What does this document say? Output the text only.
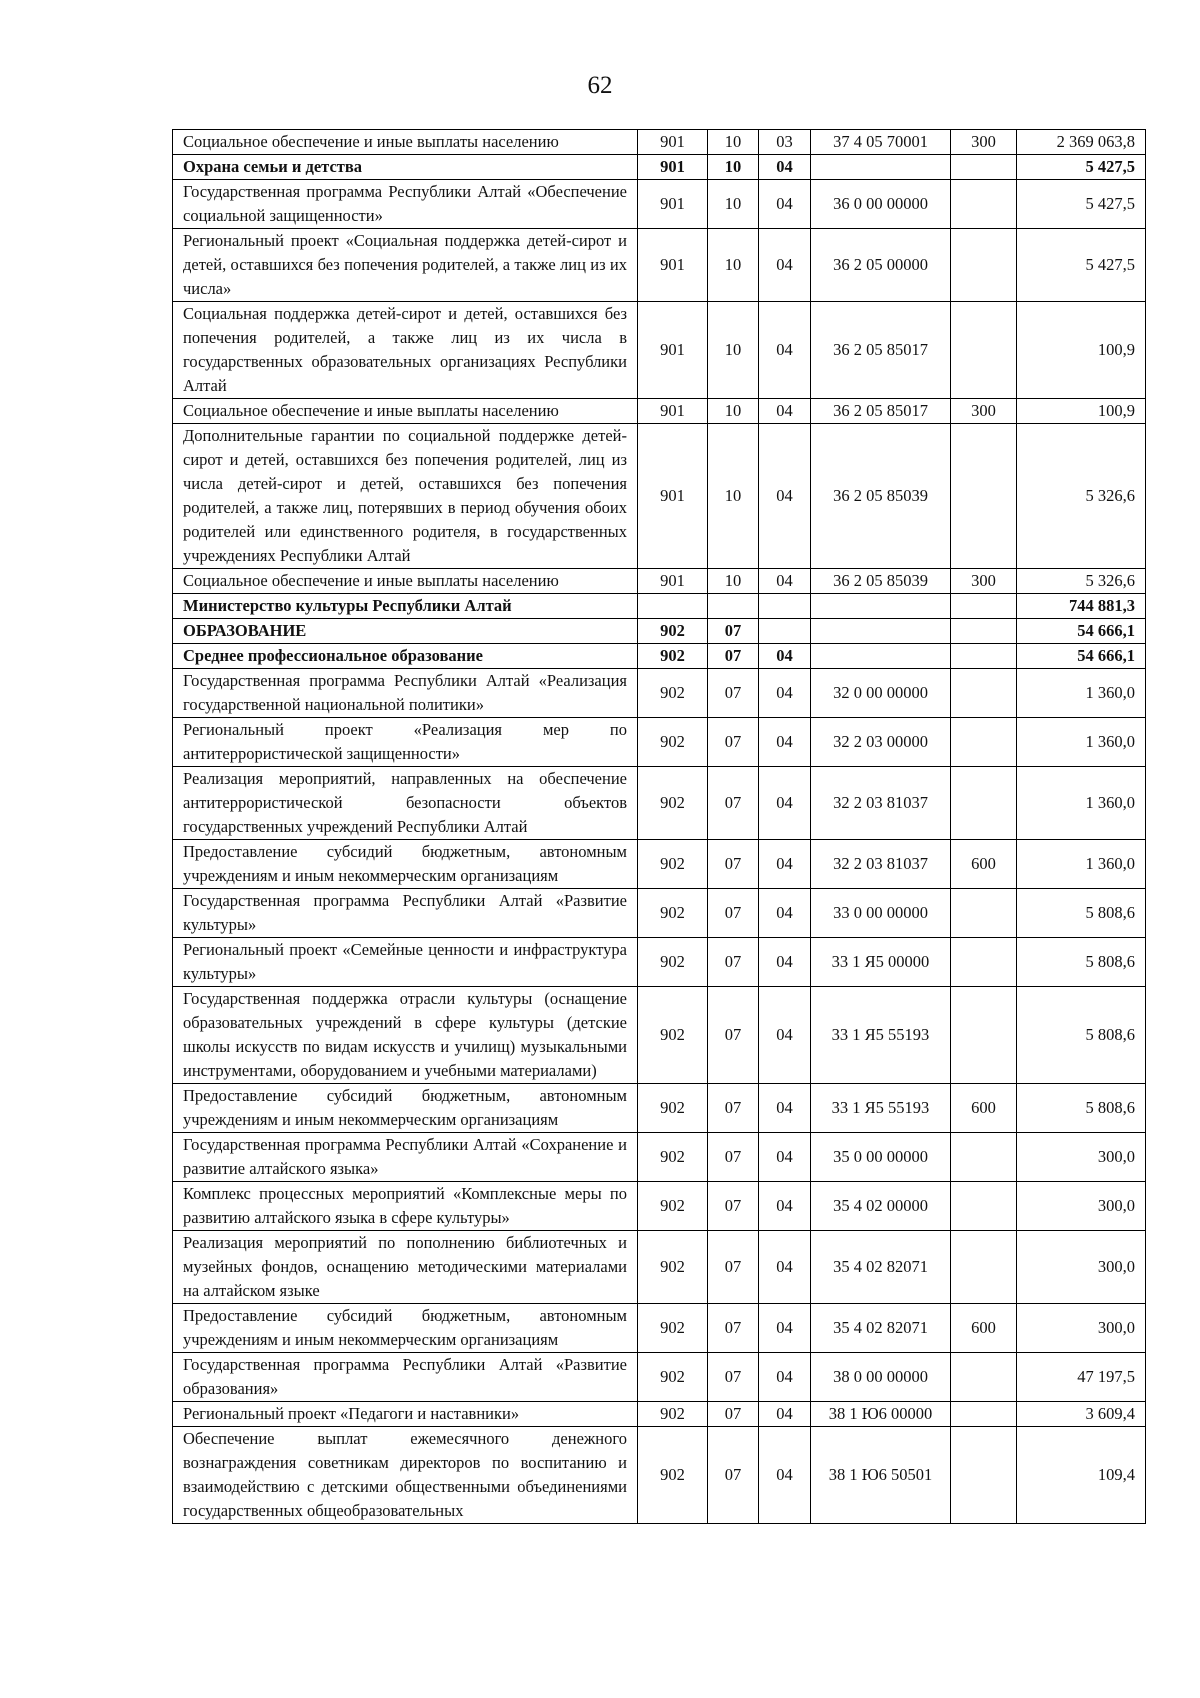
62
Социальное обеспечение и иные выплаты населению	901	10	03	37 4 05 70001	300	2 369 063,8
Охрана семьи и детства	901	10	04			5 427,5
Государственная программа Республики Алтай «Обеспечение социальной защищенности»	901	10	04	36 0 00 00000		5 427,5
Региональный проект «Социальная поддержка детей-сирот и детей, оставшихся без попечения родителей, а также лиц из их числа»	901	10	04	36 2 05 00000		5 427,5
Социальная поддержка детей-сирот и детей, оставшихся без попечения родителей, а также лиц из их числа в государственных образовательных организациях Республики Алтай	901	10	04	36 2 05 85017		100,9
Социальное обеспечение и иные выплаты населению	901	10	04	36 2 05 85017	300	100,9
Дополнительные гарантии по социальной поддержке детей-сирот и детей, оставшихся без попечения родителей, лиц из числа детей-сирот и детей, оставшихся без попечения родителей, а также лиц, потерявших в период обучения обоих родителей или единственного родителя, в государственных учреждениях Республики Алтай	901	10	04	36 2 05 85039		5 326,6
Социальное обеспечение и иные выплаты населению	901	10	04	36 2 05 85039	300	5 326,6
Министерство культуры Республики Алтай						744 881,3
ОБРАЗОВАНИЕ	902	07				54 666,1
Среднее профессиональное образование	902	07	04			54 666,1
Государственная программа Республики Алтай «Реализация государственной национальной политики»	902	07	04	32 0 00 00000		1 360,0
Региональный проект «Реализация мер по антитеррористической защищенности»	902	07	04	32 2 03 00000		1 360,0
Реализация мероприятий, направленных на обеспечение антитеррористической безопасности объектов государственных учреждений Республики Алтай	902	07	04	32 2 03 81037		1 360,0
Предоставление субсидий бюджетным, автономным учреждениям и иным некоммерческим организациям	902	07	04	32 2 03 81037	600	1 360,0
Государственная программа Республики Алтай «Развитие культуры»	902	07	04	33 0 00 00000		5 808,6
Региональный проект «Семейные ценности и инфраструктура культуры»	902	07	04	33 1 Я5 00000		5 808,6
Государственная поддержка отрасли культуры (оснащение образовательных учреждений в сфере культуры (детские школы искусств по видам искусств и училищ) музыкальными инструментами, оборудованием и учебными материалами)	902	07	04	33 1 Я5 55193		5 808,6
Предоставление субсидий бюджетным, автономным учреждениям и иным некоммерческим организациям	902	07	04	33 1 Я5 55193	600	5 808,6
Государственная программа Республики Алтай «Сохранение и развитие алтайского языка»	902	07	04	35 0 00 00000		300,0
Комплекс процессных мероприятий «Комплексные меры по развитию алтайского языка в сфере культуры»	902	07	04	35 4 02 00000		300,0
Реализация мероприятий по пополнению библиотечных и музейных фондов, оснащению методическими материалами на алтайском языке	902	07	04	35 4 02 82071		300,0
Предоставление субсидий бюджетным, автономным учреждениям и иным некоммерческим организациям	902	07	04	35 4 02 82071	600	300,0
Государственная программа Республики Алтай «Развитие образования»	902	07	04	38 0 00 00000		47 197,5
Региональный проект «Педагоги и наставники»	902	07	04	38 1 Ю6 00000		3 609,4
Обеспечение выплат ежемесячного денежного вознаграждения советникам директоров по воспитанию и взаимодействию с детскими общественными объединениями государственных общеобразовательных	902	07	04	38 1 Ю6 50501		109,4
